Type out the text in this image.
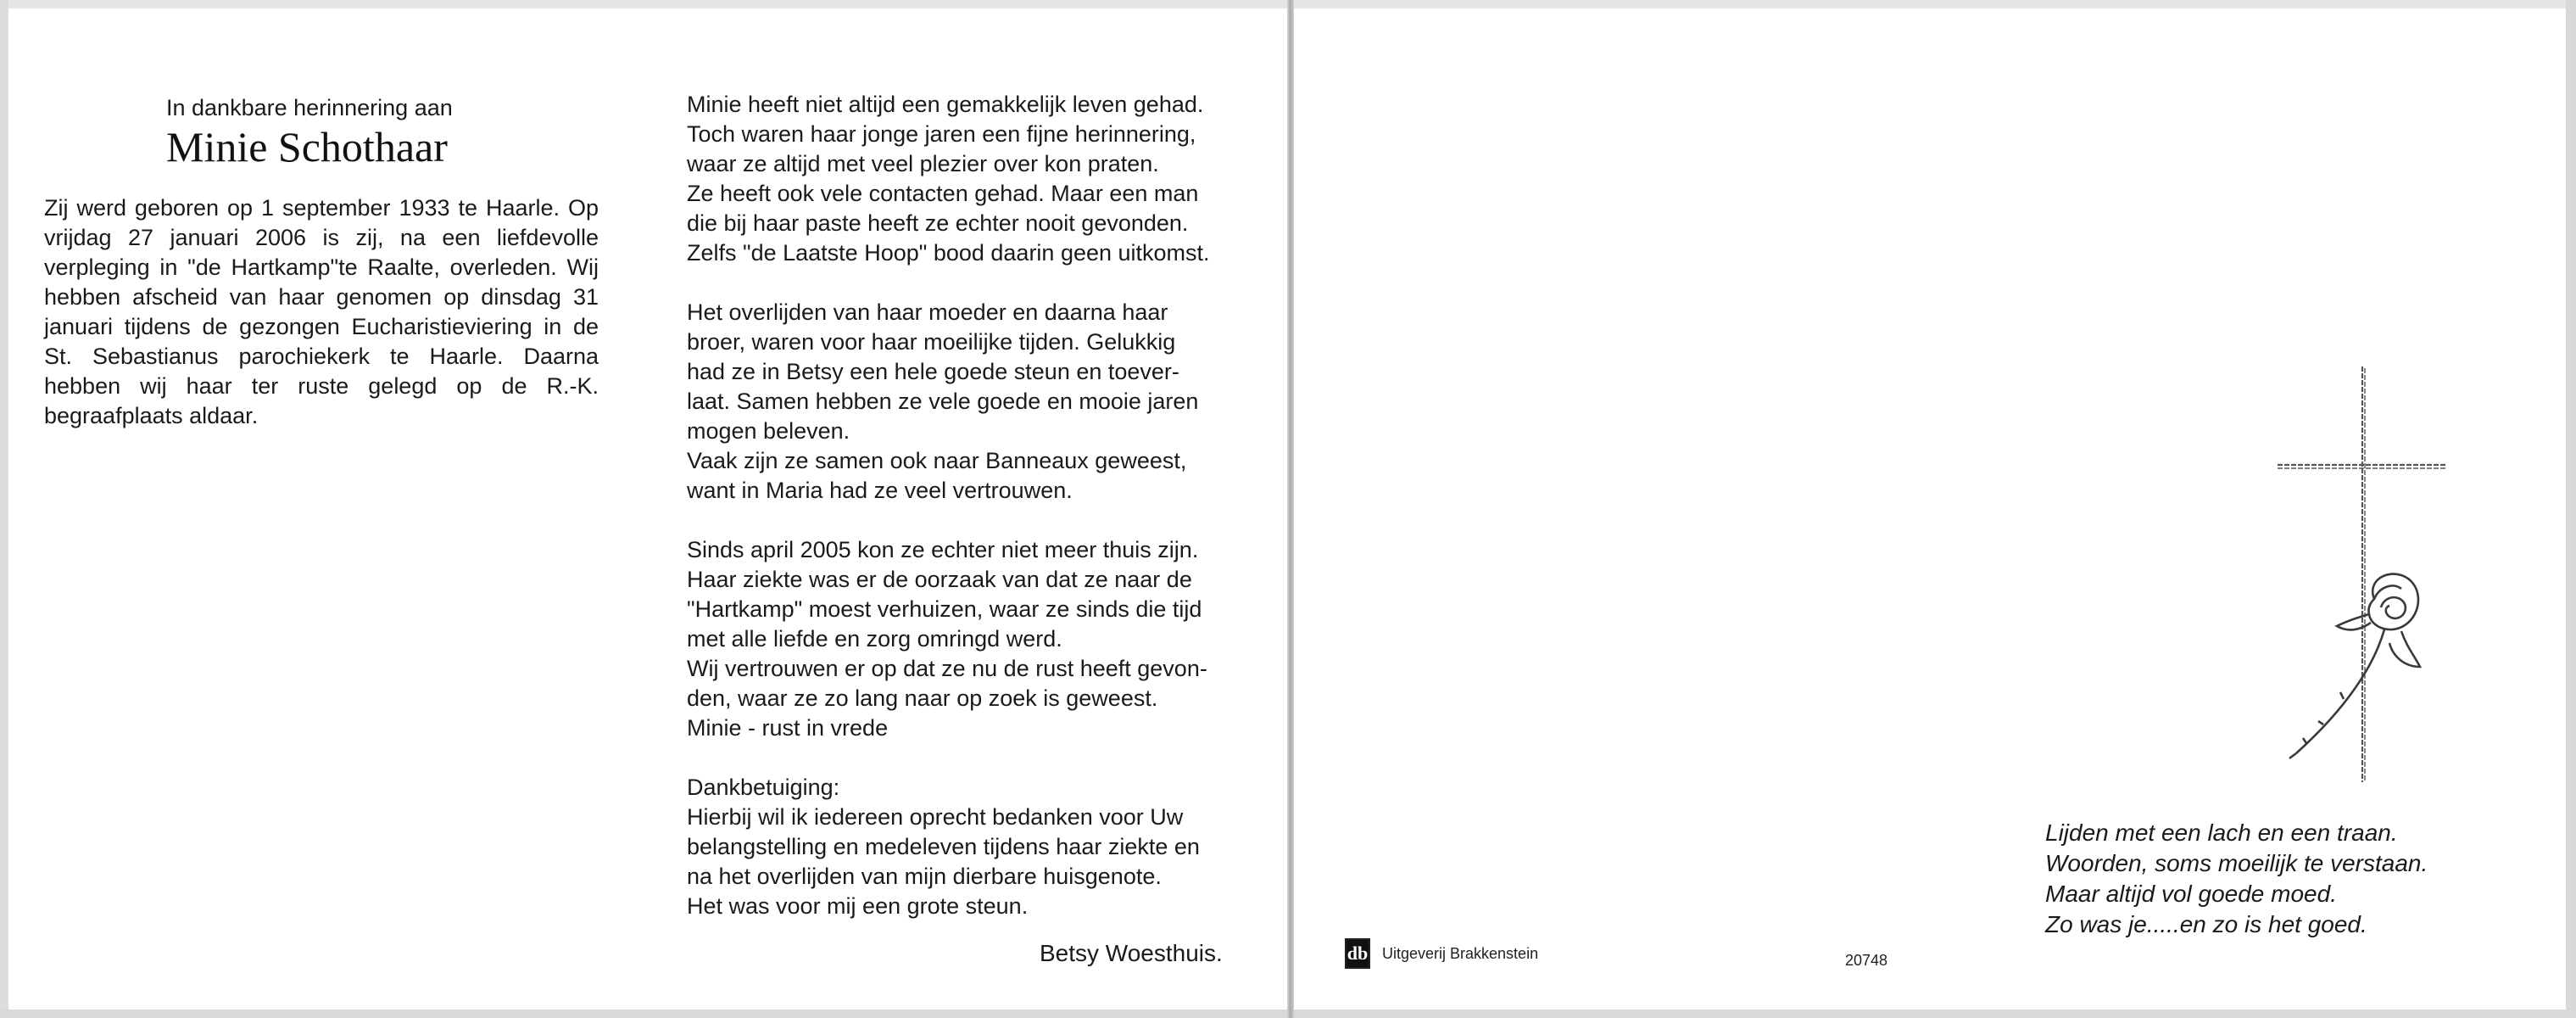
In dankbare herinnering aan
Minie Schothaar
Zij werd geboren op 1 september 1933 te Haarle. Op vrijdag 27 januari 2006 is zij, na een liefdevolle verpleging in "de Hartkamp"te Raalte, overleden. Wij hebben afscheid van haar genomen op dinsdag 31 januari tijdens de gezongen Eucharistieviering in de St. Sebastianus parochiekerk te Haarle. Daarna hebben wij haar ter ruste gelegd op de R.-K. begraafplaats aldaar.
Minie heeft niet altijd een gemakkelijk leven gehad.
Toch waren haar jonge jaren een fijne herinnering,
waar ze altijd met veel plezier over kon praten.
Ze heeft ook vele contacten gehad. Maar een man
die bij haar paste heeft ze echter nooit gevonden.
Zelfs "de Laatste Hoop" bood daarin geen uitkomst.
Het overlijden van haar moeder en daarna haar
broer, waren voor haar moeilijke tijden. Gelukkig
had ze in Betsy een hele goede steun en toever-
laat. Samen hebben ze vele goede en mooie jaren
mogen beleven.
Vaak zijn ze samen ook naar Banneaux geweest,
want in Maria had ze veel vertrouwen.
Sinds april 2005 kon ze echter niet meer thuis zijn.
Haar ziekte was er de oorzaak van dat ze naar de
"Hartkamp" moest verhuizen, waar ze sinds die tijd
met alle liefde en zorg omringd werd.
Wij vertrouwen er op dat ze nu de rust heeft gevon-
den, waar ze zo lang naar op zoek is geweest.
Minie - rust in vrede
Dankbetuiging:
Hierbij wil ik iedereen oprecht bedanken voor Uw
belangstelling en medeleven tijdens haar ziekte en
na het overlijden van mijn dierbare huisgenote.
Het was voor mij een grote steun.
Betsy Woesthuis.
Lijden met een lach en een traan.
Woorden, soms moeilijk te verstaan.
Maar altijd vol goede moed.
Zo was je.....en zo is het goed.
db Uitgeverij Brakkenstein	20748
